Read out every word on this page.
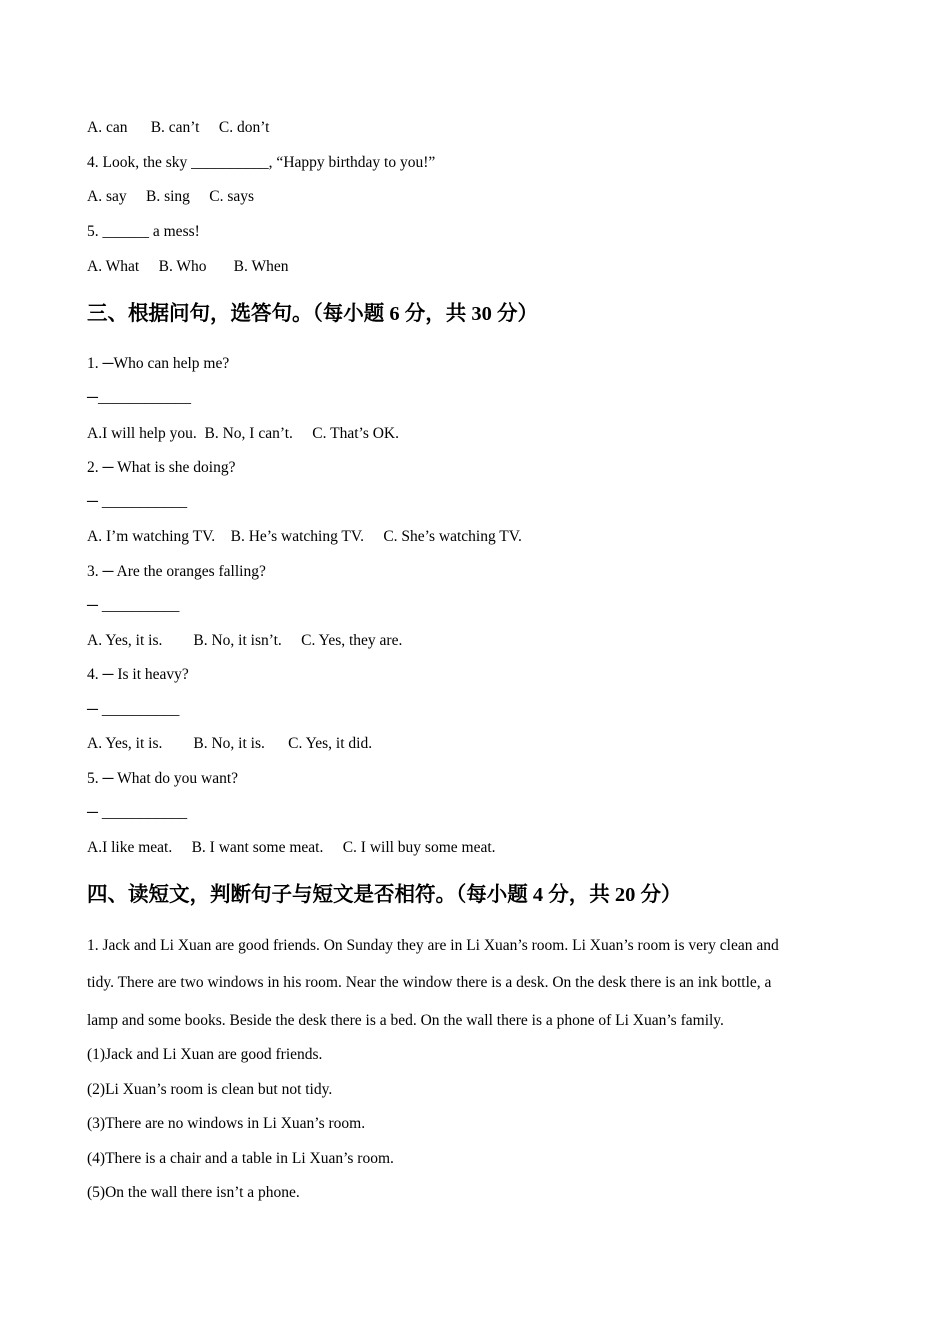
A. can      B. can’t     C. don’t
4. Look, the sky __________, “Happy birthday to you!”
A. say     B. sing     C. says
5. ______ a mess!
A. What     B. Who       B. When
三、根据问句，选答句。（每小题 6 分，共 30 分）
1. ─Who can help me?
─____________
A.I will help you.  B. No, I can’t.     C. That’s OK.
2. ─ What is she doing?
─ ___________
A. I’m watching TV.    B. He’s watching TV.     C. She’s watching TV.
3. ─ Are the oranges falling?
─ __________
A. Yes, it is.        B. No, it isn’t.     C. Yes, they are.
4. ─ Is it heavy?
─ __________
A. Yes, it is.        B. No, it is.      C. Yes, it did.
5. ─ What do you want?
─ ___________
A.I like meat.     B. I want some meat.     C. I will buy some meat.
四、读短文，判断句子与短文是否相符。（每小题 4 分，共 20 分）
1. Jack and Li Xuan are good friends. On Sunday they are in Li Xuan’s room. Li Xuan’s room is very clean and
tidy. There are two windows in his room. Near the window there is a desk. On the desk there is an ink bottle, a
lamp and some books. Beside the desk there is a bed. On the wall there is a phone of Li Xuan’s family.
(1)Jack and Li Xuan are good friends.
(2)Li Xuan’s room is clean but not tidy.
(3)There are no windows in Li Xuan’s room.
(4)There is a chair and a table in Li Xuan’s room.
(5)On the wall there isn’t a phone.
